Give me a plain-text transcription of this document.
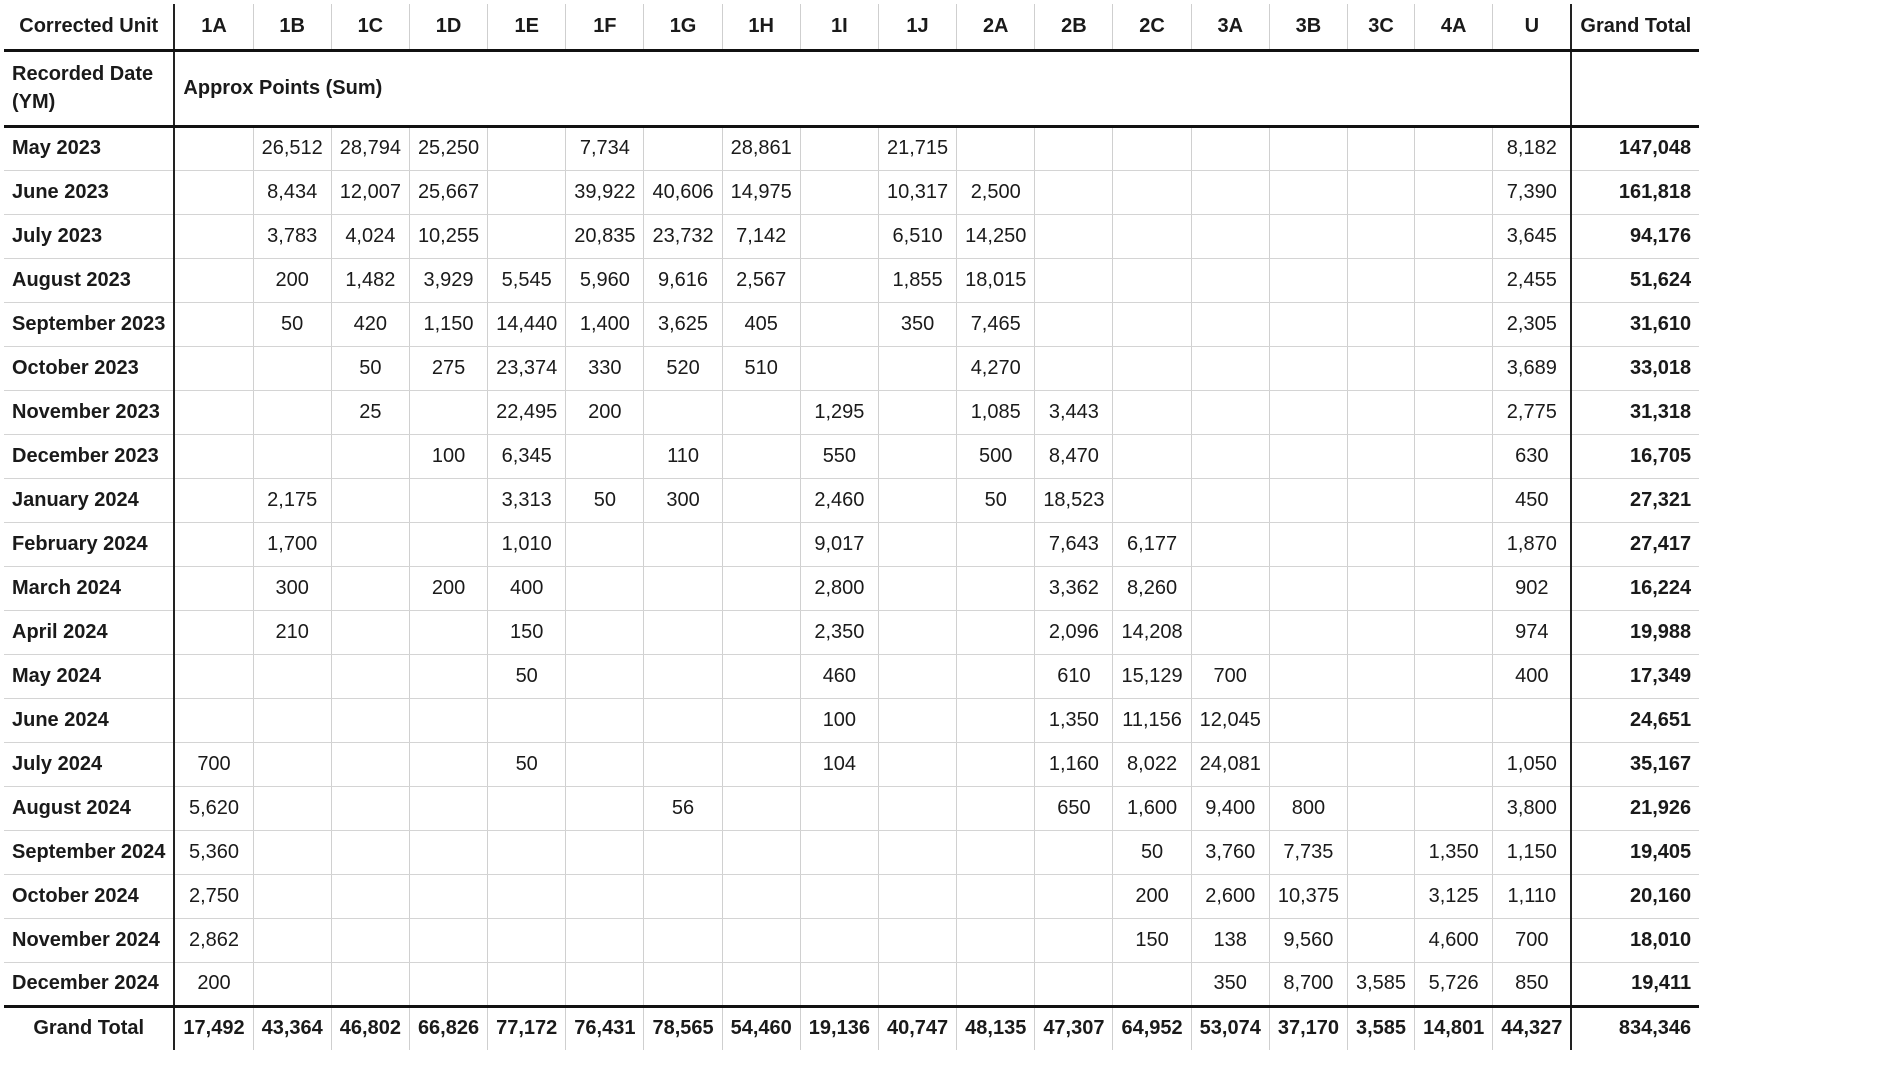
Corrected Unit	1A	1B	1C	1D	1E	1F	1G	1H	1I	1J	2A	2B	2C	3A	3B	3C	4A	U	Grand Total
Recorded Date
(YM)	Approx Points (Sum)																		
May 2023		26,512	28,794	25,250		7,734		28,861		21,715								8,182	147,048
June 2023		8,434	12,007	25,667		39,922	40,606	14,975		10,317	2,500							7,390	161,818
July 2023		3,783	4,024	10,255		20,835	23,732	7,142		6,510	14,250							3,645	94,176
August 2023		200	1,482	3,929	5,545	5,960	9,616	2,567		1,855	18,015							2,455	51,624
September 2023		50	420	1,150	14,440	1,400	3,625	405		350	7,465							2,305	31,610
October 2023			50	275	23,374	330	520	510			4,270							3,689	33,018
November 2023			25		22,495	200			1,295		1,085	3,443						2,775	31,318
December 2023				100	6,345		110		550		500	8,470						630	16,705
January 2024		2,175			3,313	50	300		2,460		50	18,523						450	27,321
February 2024		1,700			1,010				9,017			7,643	6,177					1,870	27,417
March 2024		300		200	400				2,800			3,362	8,260					902	16,224
April 2024		210			150				2,350			2,096	14,208					974	19,988
May 2024					50				460			610	15,129	700				400	17,349
June 2024									100			1,350	11,156	12,045					24,651
July 2024	700				50				104			1,160	8,022	24,081				1,050	35,167
August 2024	5,620						56					650	1,600	9,400	800			3,800	21,926
September 2024	5,360												50	3,760	7,735		1,350	1,150	19,405
October 2024	2,750												200	2,600	10,375		3,125	1,110	20,160
November 2024	2,862												150	138	9,560		4,600	700	18,010
December 2024	200													350	8,700	3,585	5,726	850	19,411
Grand Total	17,492	43,364	46,802	66,826	77,172	76,431	78,565	54,460	19,136	40,747	48,135	47,307	64,952	53,074	37,170	3,585	14,801	44,327	834,346
